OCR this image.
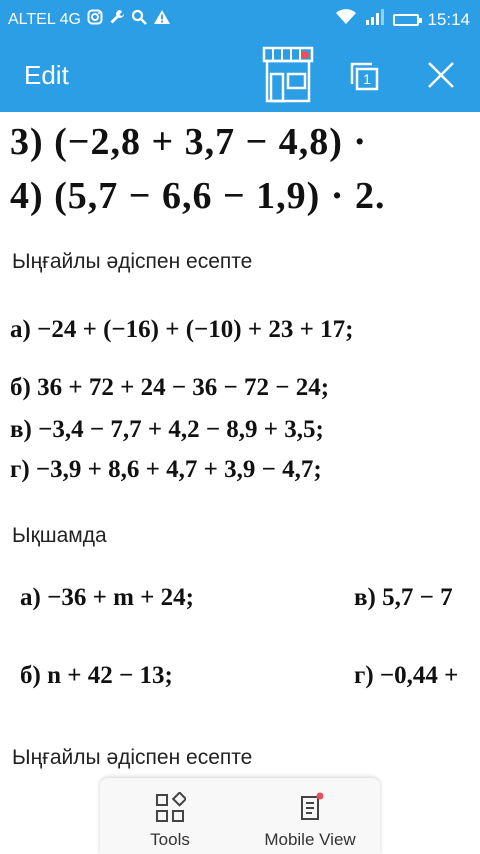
ALTEL 4G	15:14
Edit	1
3) (−2,8 + 3,7 − 4,8) ·
4) (5,7 − 6,6 − 1,9) · 2.
Ыңғайлы әдіспен есепте
а) −24 + (−16) + (−10) + 23 + 17;
б) 36 + 72 + 24 − 36 − 72 − 24;
в) −3,4 − 7,7 + 4,2 − 8,9 + 3,5;
г) −3,9 + 8,6 + 4,7 + 3,9 − 4,7;
Ықшамда
а) −36 + m + 24;	в) 5,7 − 7
б) n + 42 − 13;	г) −0,44 +
Ыңғайлы әдіспен есепте
Tools	Mobile View
